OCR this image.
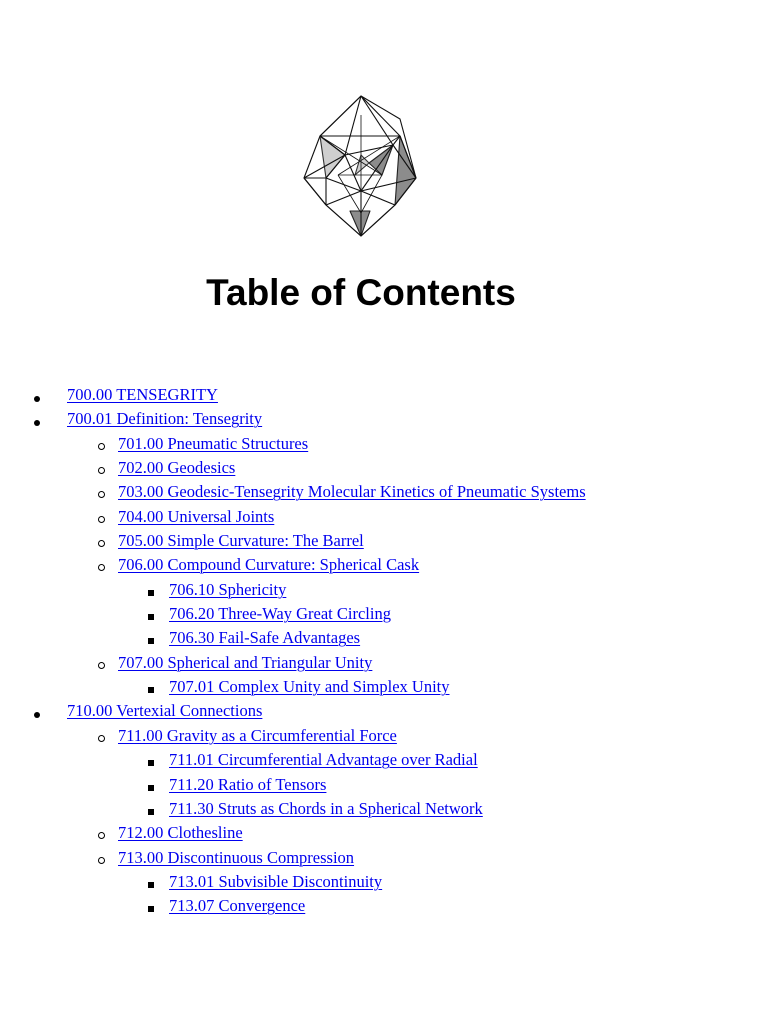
Table of Contents
700.00 TENSEGRITY
700.01 Definition: Tensegrity
701.00 Pneumatic Structures
702.00 Geodesics
703.00 Geodesic-Tensegrity Molecular Kinetics of Pneumatic Systems
704.00 Universal Joints
705.00 Simple Curvature: The Barrel
706.00 Compound Curvature: Spherical Cask
706.10 Sphericity
706.20 Three-Way Great Circling
706.30 Fail-Safe Advantages
707.00 Spherical and Triangular Unity
707.01 Complex Unity and Simplex Unity
710.00 Vertexial Connections
711.00 Gravity as a Circumferential Force
711.01 Circumferential Advantage over Radial
711.20 Ratio of Tensors
711.30 Struts as Chords in a Spherical Network
712.00 Clothesline
713.00 Discontinuous Compression
713.01 Subvisible Discontinuity
713.07 Convergence
